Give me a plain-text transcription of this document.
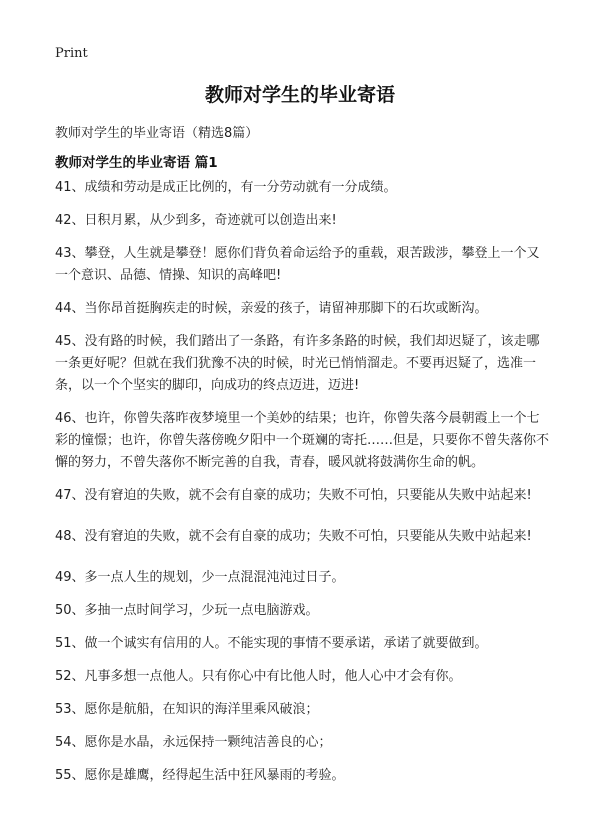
Print
教师对学生的毕业寄语
教师对学生的毕业寄语（精选8篇）
教师对学生的毕业寄语 篇1
41、成绩和劳动是成正比例的，有一分劳动就有一分成绩。
42、日积月累，从少到多，奇迹就可以创造出来!
43、攀登，人生就是攀登！愿你们背负着命运给予的重载，艰苦跋涉，攀登上一个又一个意识、品德、情操、知识的高峰吧!
44、当你昂首挺胸疾走的时候，亲爱的孩子，请留神那脚下的石坎或断沟。
45、没有路的时候，我们踏出了一条路，有许多条路的时候，我们却迟疑了，该走哪一条更好呢？但就在我们犹豫不决的时候，时光已悄悄溜走。不要再迟疑了，选准一条，以一个个坚实的脚印，向成功的终点迈进，迈进!
46、也许，你曾失落昨夜梦境里一个美妙的结果；也许，你曾失落今晨朝霞上一个七彩的憧憬；也许，你曾失落傍晚夕阳中一个斑斓的寄托……但是，只要你不曾失落你不懈的努力，不曾失落你不断完善的自我，青春，暖风就将鼓满你生命的帆。
47、没有窘迫的失败，就不会有自豪的成功；失败不可怕，只要能从失败中站起来!
48、没有窘迫的失败，就不会有自豪的成功；失败不可怕，只要能从失败中站起来!
49、多一点人生的规划，少一点混混沌沌过日子。
50、多抽一点时间学习，少玩一点电脑游戏。
51、做一个诚实有信用的人。不能实现的事情不要承诺，承诺了就要做到。
52、凡事多想一点他人。只有你心中有比他人时，他人心中才会有你。
53、愿你是航船，在知识的海洋里乘风破浪；
54、愿你是水晶，永远保持一颗纯洁善良的心；
55、愿你是雄鹰，经得起生活中狂风暴雨的考验。
